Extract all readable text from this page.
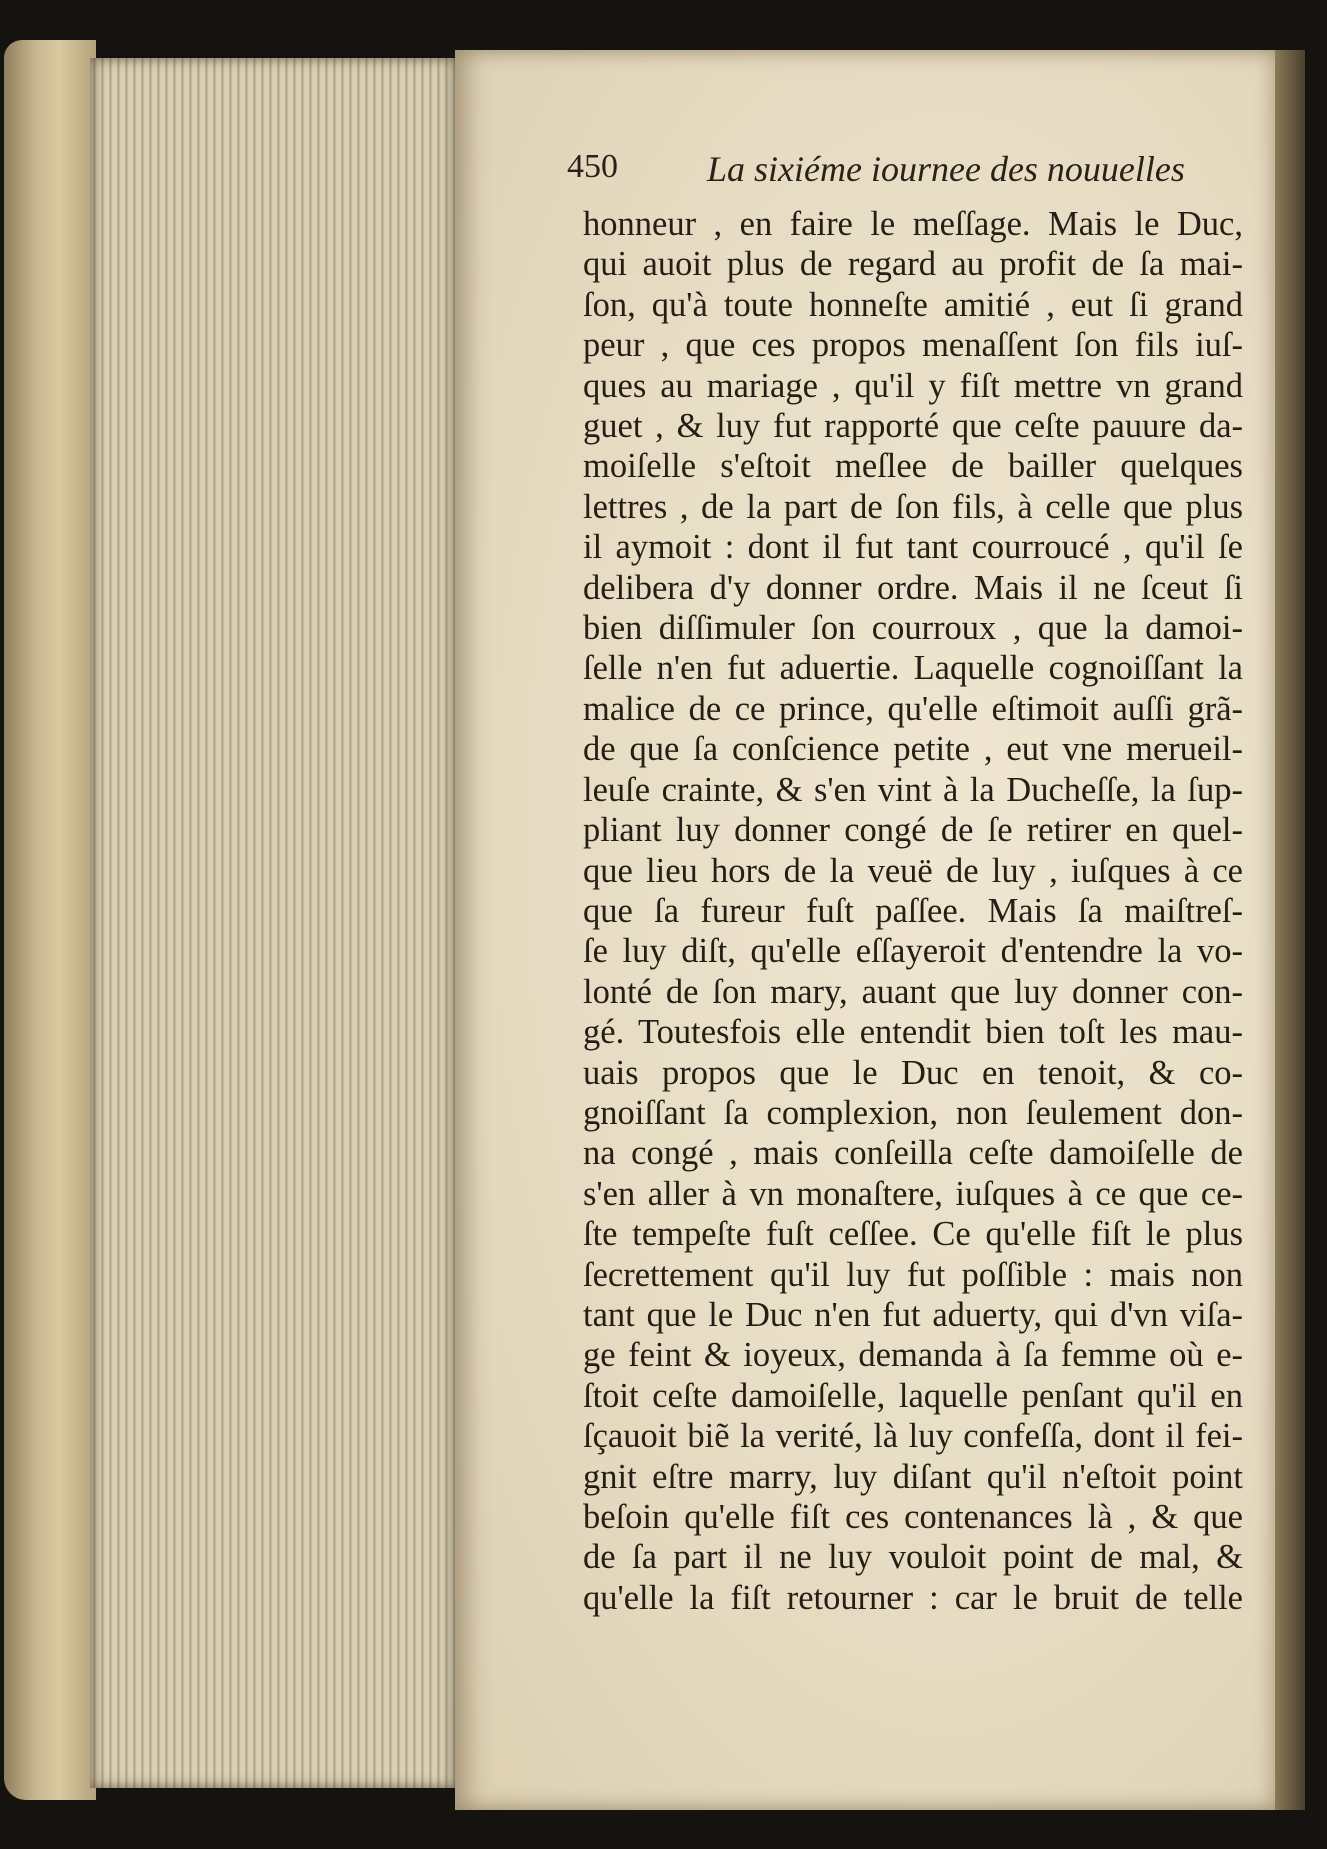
450 La sixiéme iournee des nouuelles
honneur , en faire le meſſage. Mais le Duc,
qui auoit plus de regard au profit de ſa mai-
ſon, qu'à toute honneſte amitié , eut ſi grand
peur , que ces propos menaſſent ſon fils iuſ-
ques au mariage , qu'il y fiſt mettre vn grand
guet , & luy fut rapporté que ceſte pauure da-
moiſelle s'eſtoit meſlee de bailler quelques
lettres , de la part de ſon fils, à celle que plus
il aymoit : dont il fut tant courroucé , qu'il ſe
delibera d'y donner ordre. Mais il ne ſceut ſi
bien diſſimuler ſon courroux , que la damoi-
ſelle n'en fut aduertie. Laquelle cognoiſſant la
malice de ce prince, qu'elle eſtimoit auſſi grã-
de que ſa conſcience petite , eut vne merueil-
leuſe crainte, & s'en vint à la Ducheſſe, la ſup-
pliant luy donner congé de ſe retirer en quel-
que lieu hors de la veuë de luy , iuſques à ce
que ſa fureur fuſt paſſee. Mais ſa maiſtreſ-
ſe luy diſt, qu'elle eſſayeroit d'entendre la vo-
lonté de ſon mary, auant que luy donner con-
gé. Toutesfois elle entendit bien toſt les mau-
uais propos que le Duc en tenoit, & co-
gnoiſſant ſa complexion, non ſeulement don-
na congé , mais conſeilla ceſte damoiſelle de
s'en aller à vn monaſtere, iuſques à ce que ce-
ſte tempeſte fuſt ceſſee. Ce qu'elle fiſt le plus
ſecrettement qu'il luy fut poſſible : mais non
tant que le Duc n'en fut aduerty, qui d'vn viſa-
ge feint & ioyeux, demanda à ſa femme où e-
ſtoit ceſte damoiſelle, laquelle penſant qu'il en
ſçauoit biẽ la verité, là luy confeſſa, dont il fei-
gnit eſtre marry, luy diſant qu'il n'eſtoit point
beſoin qu'elle fiſt ces contenances là , & que
de ſa part il ne luy vouloit point de mal, &
qu'elle la fiſt retourner : car le bruit de telle
